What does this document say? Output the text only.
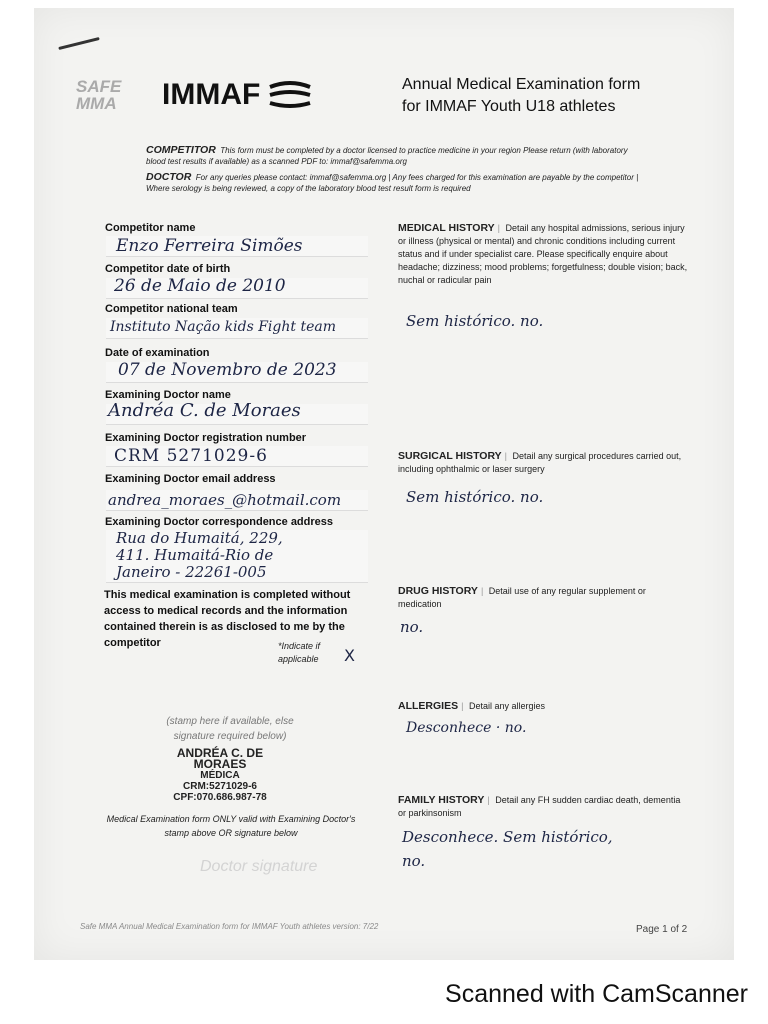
SAFE MMA	IMMAF	Annual Medical Examination form
for IMMAF Youth U18 athletes

COMPETITOR This form must be completed by a doctor licensed to practice medicine in your region Please return (with laboratory blood test results if available) as a scanned PDF to: immaf@safemma.org

DOCTOR For any queries please contact: immaf@safemma.org | Any fees charged for this examination are payable by the competitor | Where serology is being reviewed, a copy of the laboratory blood test result form is required

Competitor name
Enzo Ferreira Simões
Competitor date of birth
26 de Maio de 2010
Competitor national team
Instituto Nação kids Fight team
Date of examination
07 de Novembro de 2023
Examining Doctor name
Andréa C. de Moraes
Examining Doctor registration number
CRM 5271029-6
Examining Doctor email address
andrea_moraes_@hotmail.com
Examining Doctor correspondence address
Rua do Humaitá, 229,
411. Humaitá-Rio de
Janeiro - 22261-005
This medical examination is completed without access to medical records and the information contained therein is as disclosed to me by the competitor	*Indicate if applicable	X
(stamp here if available, else signature required below)
ANDRÉA C. DE MORAES
MÉDICA
CRM:5271029-6
CPF:070.686.987-78
Medical Examination form ONLY valid with Examining Doctor's stamp above OR signature below
Doctor signature
MEDICAL HISTORY | Detail any hospital admissions, serious injury or illness (physical or mental) and chronic conditions including current status and if under specialist care. Please specifically enquire about headache; dizziness; mood problems; forgetfulness; double vision; back, nuchal or radicular pain
Sem histórico. no.
SURGICAL HISTORY | Detail any surgical procedures carried out, including ophthalmic or laser surgery
Sem histórico. no.
DRUG HISTORY | Detail use of any regular supplement or medication
no.
ALLERGIES | Detail any allergies
Desconhece · no.
FAMILY HISTORY | Detail any FH sudden cardiac death, dementia or parkinsonism
Desconhece. Sem histórico,
no.
Safe MMA Annual Medical Examination form for IMMAF Youth athletes version: 7/22	Page 1 of 2
Scanned with CamScanner
